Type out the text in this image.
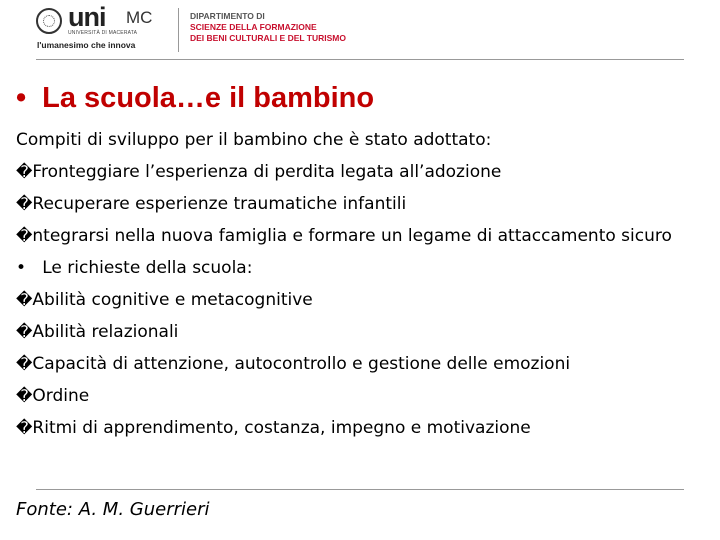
uni MC
UNIVERSITÀ DI MACERATA
l'umanesimo che innova
DIPARTIMENTO DI
SCIENZE DELLA FORMAZIONE
DEI BENI CULTURALI E DEL TURISMO
• La scuola…e il bambino
Compiti di sviluppo per il bambino che è stato adottato:
�Fronteggiare l’esperienza di perdita legata all’adozione
�Recuperare esperienze traumatiche infantili
�ntegrarsi nella nuova famiglia e formare un legame di attaccamento sicuro
• Le richieste della scuola:
�Abilità cognitive e metacognitive
�Abilità relazionali
�Capacità di attenzione, autocontrollo e gestione delle emozioni
�Ordine
�Ritmi di apprendimento, costanza, impegno e motivazione
Fonte: A. M. Guerrieri
